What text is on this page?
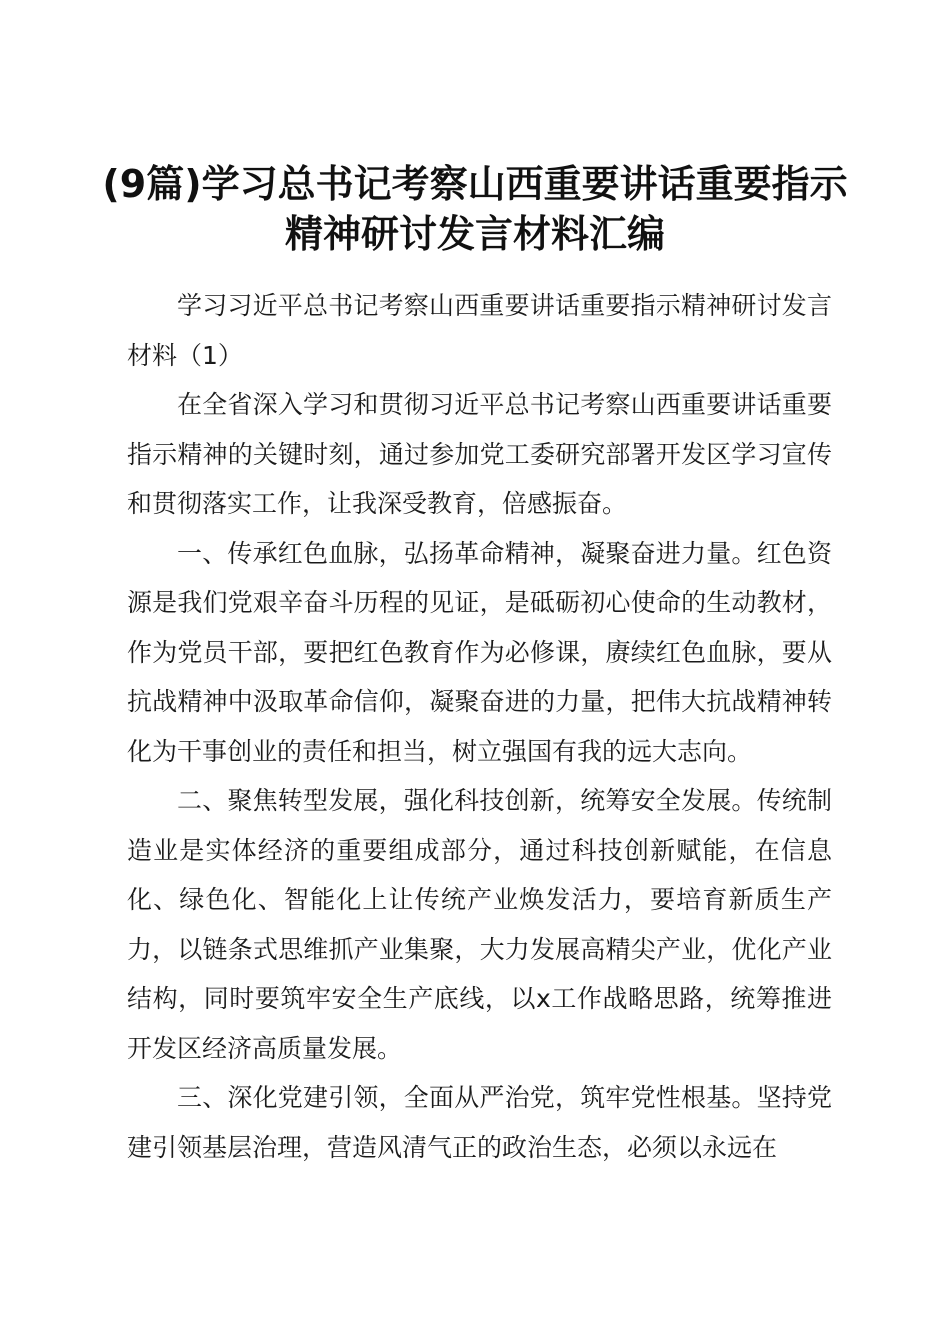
(9篇)学习总书记考察山西重要讲话重要指示精神研讨发言材料汇编

学习习近平总书记考察山西重要讲话重要指示精神研讨发言材料（1）

在全省深入学习和贯彻习近平总书记考察山西重要讲话重要指示精神的关键时刻，通过参加党工委研究部署开发区学习宣传和贯彻落实工作，让我深受教育，倍感振奋。

一、传承红色血脉，弘扬革命精神，凝聚奋进力量。红色资源是我们党艰辛奋斗历程的见证，是砥砺初心使命的生动教材，作为党员干部，要把红色教育作为必修课，赓续红色血脉，要从抗战精神中汲取革命信仰，凝聚奋进的力量，把伟大抗战精神转化为干事创业的责任和担当，树立强国有我的远大志向。

二、聚焦转型发展，强化科技创新，统筹安全发展。传统制造业是实体经济的重要组成部分，通过科技创新赋能，在信息化、绿色化、智能化上让传统产业焕发活力，要培育新质生产力，以链条式思维抓产业集聚，大力发展高精尖产业，优化产业结构，同时要筑牢安全生产底线，以x工作战略思路，统筹推进开发区经济高质量发展。

三、深化党建引领，全面从严治党，筑牢党性根基。坚持党建引领基层治理，营造风清气正的政治生态，必须以永远在
